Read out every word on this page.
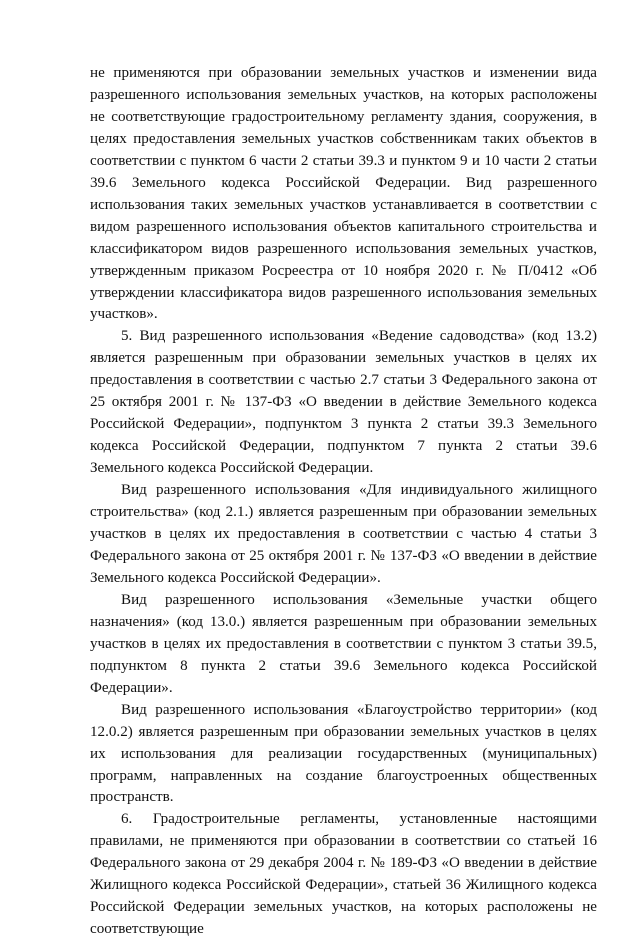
не применяются при образовании земельных участков и изменении вида разрешенного использования земельных участков, на которых расположены не соответствующие градостроительному регламенту здания, сооружения, в целях предоставления земельных участков собственникам таких объектов в соответствии с пунктом 6 части 2 статьи 39.3 и пунктом 9 и 10 части 2 статьи 39.6 Земельного кодекса Российской Федерации. Вид разрешенного использования таких земельных участков устанавливается в соответствии с видом разрешенного использования объектов капитального строительства и классификатором видов разрешенного использования земельных участков, утвержденным приказом Росреестра от 10 ноября 2020 г. № П/0412 «Об утверждении классификатора видов разрешенного использования земельных участков».

5. Вид разрешенного использования «Ведение садоводства» (код 13.2) является разрешенным при образовании земельных участков в целях их предоставления в соответствии с частью 2.7 статьи 3 Федерального закона от 25 октября 2001 г. № 137-ФЗ «О введении в действие Земельного кодекса Российской Федерации», подпунктом 3 пункта 2 статьи 39.3 Земельного кодекса Российской Федерации, подпунктом 7 пункта 2 статьи 39.6 Земельного кодекса Российской Федерации.

Вид разрешенного использования «Для индивидуального жилищного строительства» (код 2.1.) является разрешенным при образовании земельных участков в целях их предоставления в соответствии с частью 4 статьи 3 Федерального закона от 25 октября 2001 г. № 137-ФЗ «О введении в действие Земельного кодекса Российской Федерации».

Вид разрешенного использования «Земельные участки общего назначения» (код 13.0.) является разрешенным при образовании земельных участков в целях их предоставления в соответствии с пунктом 3 статьи 39.5, подпунктом 8 пункта 2 статьи 39.6 Земельного кодекса Российской Федерации».

Вид разрешенного использования «Благоустройство территории» (код 12.0.2) является разрешенным при образовании земельных участков в целях их использования для реализации государственных (муниципальных) программ, направленных на создание благоустроенных общественных пространств.

6. Градостроительные регламенты, установленные настоящими правилами, не применяются при образовании в соответствии со статьей 16 Федерального закона от 29 декабря 2004 г. № 189-ФЗ «О введении в действие Жилищного кодекса Российской Федерации», статьей 36 Жилищного кодекса Российской Федерации земельных участков, на которых расположены не соответствующие
